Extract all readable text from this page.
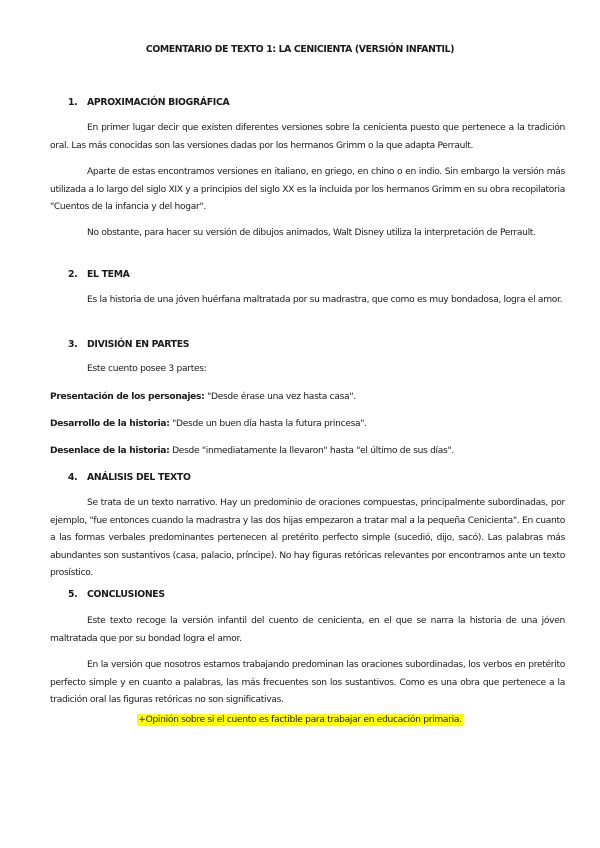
COMENTARIO DE TEXTO 1: LA CENICIENTA (VERSIÓN INFANTIL)
1. APROXIMACIÓN BIOGRÁFICA

En primer lugar decir que existen diferentes versiones sobre la cenicienta puesto que pertenece a la tradición oral. Las más conocidas son las versiones dadas por los hermanos Grimm o la que adapta Perrault.

Aparte de estas encontramos versiones en italiano, en griego, en chino o en indio. Sin embargo la versión más utilizada a lo largo del siglo XIX y a principios del siglo XX es la incluida por los hermanos Grimm en su obra recopilatoria "Cuentos de la infancia y del hogar".

No obstante, para hacer su versión de dibujos animados, Walt Disney utiliza la interpretación de Perrault.

2. EL TEMA

Es la historia de una jóven huérfana maltratada por su madrastra, que como es muy bondadosa, logra el amor.

3. DIVISIÓN EN PARTES

Este cuento posee 3 partes:

Presentación de los personajes: "Desde érase una vez hasta casa".
Desarrollo de la historia: "Desde un buen día hasta la futura princesa".
Desenlace de la historia: Desde "inmediatamente la llevaron" hasta "el último de sus días".
4. ANÁLISIS DEL TEXTO

Se trata de un texto narrativo. Hay un predominio de oraciones compuestas, principalmente subordinadas, por ejemplo, "fue entonces cuando la madrastra y las dos hijas empezaron a tratar mal a la pequeña Cenicienta". En cuanto a las formas verbales predominantes pertenecen al pretérito perfecto simple (sucedió, dijo, sacó). Las palabras más abundantes son sustantivos (casa, palacio, príncipe). No hay figuras retóricas relevantes por encontramos ante un texto prosístico.

5. CONCLUSIONES

Este texto recoge la versión infantil del cuento de cenicienta, en el que se narra la historia de una jóven maltratada que por su bondad logra el amor.

En la versión que nosotros estamos trabajando predominan las oraciones subordinadas, los verbos en pretérito perfecto simple y en cuanto a palabras, las más frecuentes son los sustantivos. Como es una obra que pertenece a la tradición oral las figuras retóricas no son significativas.

+Opinión sobre si el cuento es factible para trabajar en educación primaria.
